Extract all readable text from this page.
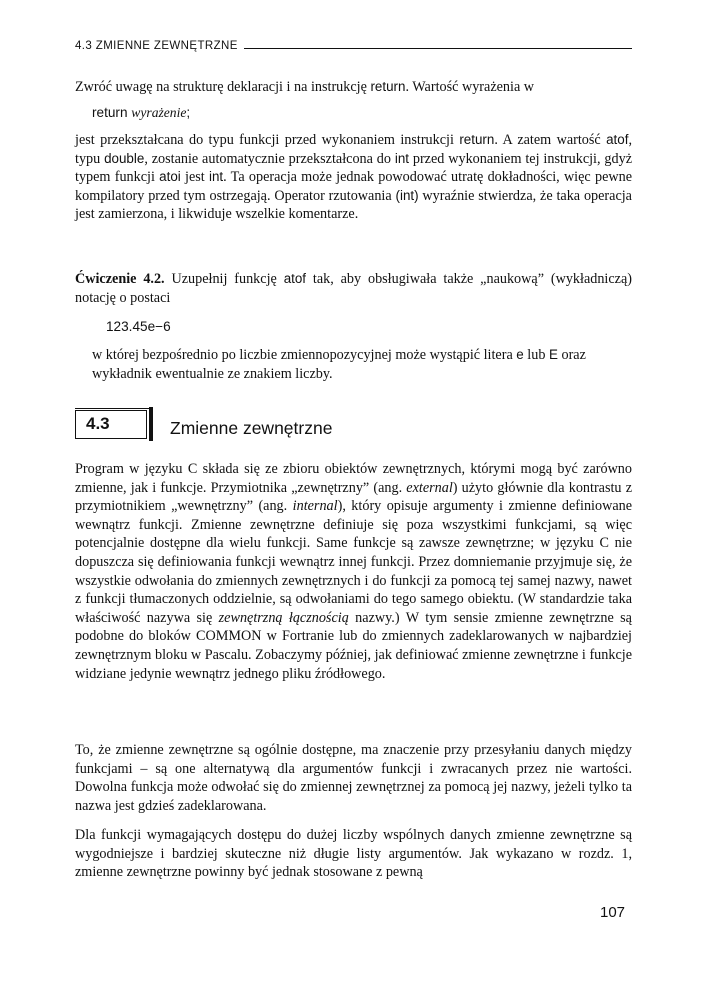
4.3 ZMIENNE ZEWNĘTRZNE
Zwróć uwagę na strukturę deklaracji i na instrukcję return. Wartość wyrażenia w
return wyrażenie;
jest przekształcana do typu funkcji przed wykonaniem instrukcji return. A zatem wartość atof, typu double, zostanie automatycznie przekształcona do int przed wykonaniem tej instrukcji, gdyż typem funkcji atoi jest int. Ta operacja może jednak powodować utratę dokładności, więc pewne kompilatory przed tym ostrzegają. Operator rzutowania (int) wyraźnie stwierdza, że taka operacja jest zamierzona, i likwiduje wszelkie komentarze.
Ćwiczenie 4.2. Uzupełnij funkcję atof tak, aby obsługiwała także „naukową” (wykładniczą) notację o postaci
123.45e−6
w której bezpośrednio po liczbie zmiennopozycyjnej może wystąpić litera e lub E oraz wykładnik ewentualnie ze znakiem liczby.
4.3	Zmienne zewnętrzne
Program w języku C składa się ze zbioru obiektów zewnętrznych, którymi mogą być zarówno zmienne, jak i funkcje. Przymiotnika „zewnętrzny” (ang. external) użyto głównie dla kontrastu z przymiotnikiem „wewnętrzny” (ang. internal), który opisuje argumenty i zmienne definiowane wewnątrz funkcji. Zmienne zewnętrzne definiuje się poza wszystkimi funkcjami, są więc potencjalnie dostępne dla wielu funkcji. Same funkcje są zawsze zewnętrzne; w języku C nie dopuszcza się definiowania funkcji wewnątrz innej funkcji. Przez domniemanie przyjmuje się, że wszystkie odwołania do zmiennych zewnętrznych i do funkcji za pomocą tej samej nazwy, nawet z funkcji tłumaczonych oddzielnie, są odwołaniami do tego samego obiektu. (W standardzie taka właściwość nazywa się zewnętrzną łącznością nazwy.) W tym sensie zmienne zewnętrzne są podobne do bloków COMMON w Fortranie lub do zmiennych zadeklarowanych w najbardziej zewnętrznym bloku w Pascalu. Zobaczymy później, jak definiować zmienne zewnętrzne i funkcje widziane jedynie wewnątrz jednego pliku źródłowego.
To, że zmienne zewnętrzne są ogólnie dostępne, ma znaczenie przy przesyłaniu danych między funkcjami – są one alternatywą dla argumentów funkcji i zwracanych przez nie wartości. Dowolna funkcja może odwołać się do zmiennej zewnętrznej za pomocą jej nazwy, jeżeli tylko ta nazwa jest gdzieś zadeklarowana.
Dla funkcji wymagających dostępu do dużej liczby wspólnych danych zmienne zewnętrzne są wygodniejsze i bardziej skuteczne niż długie listy argumentów. Jak wykazano w rozdz. 1, zmienne zewnętrzne powinny być jednak stosowane z pewną
107
